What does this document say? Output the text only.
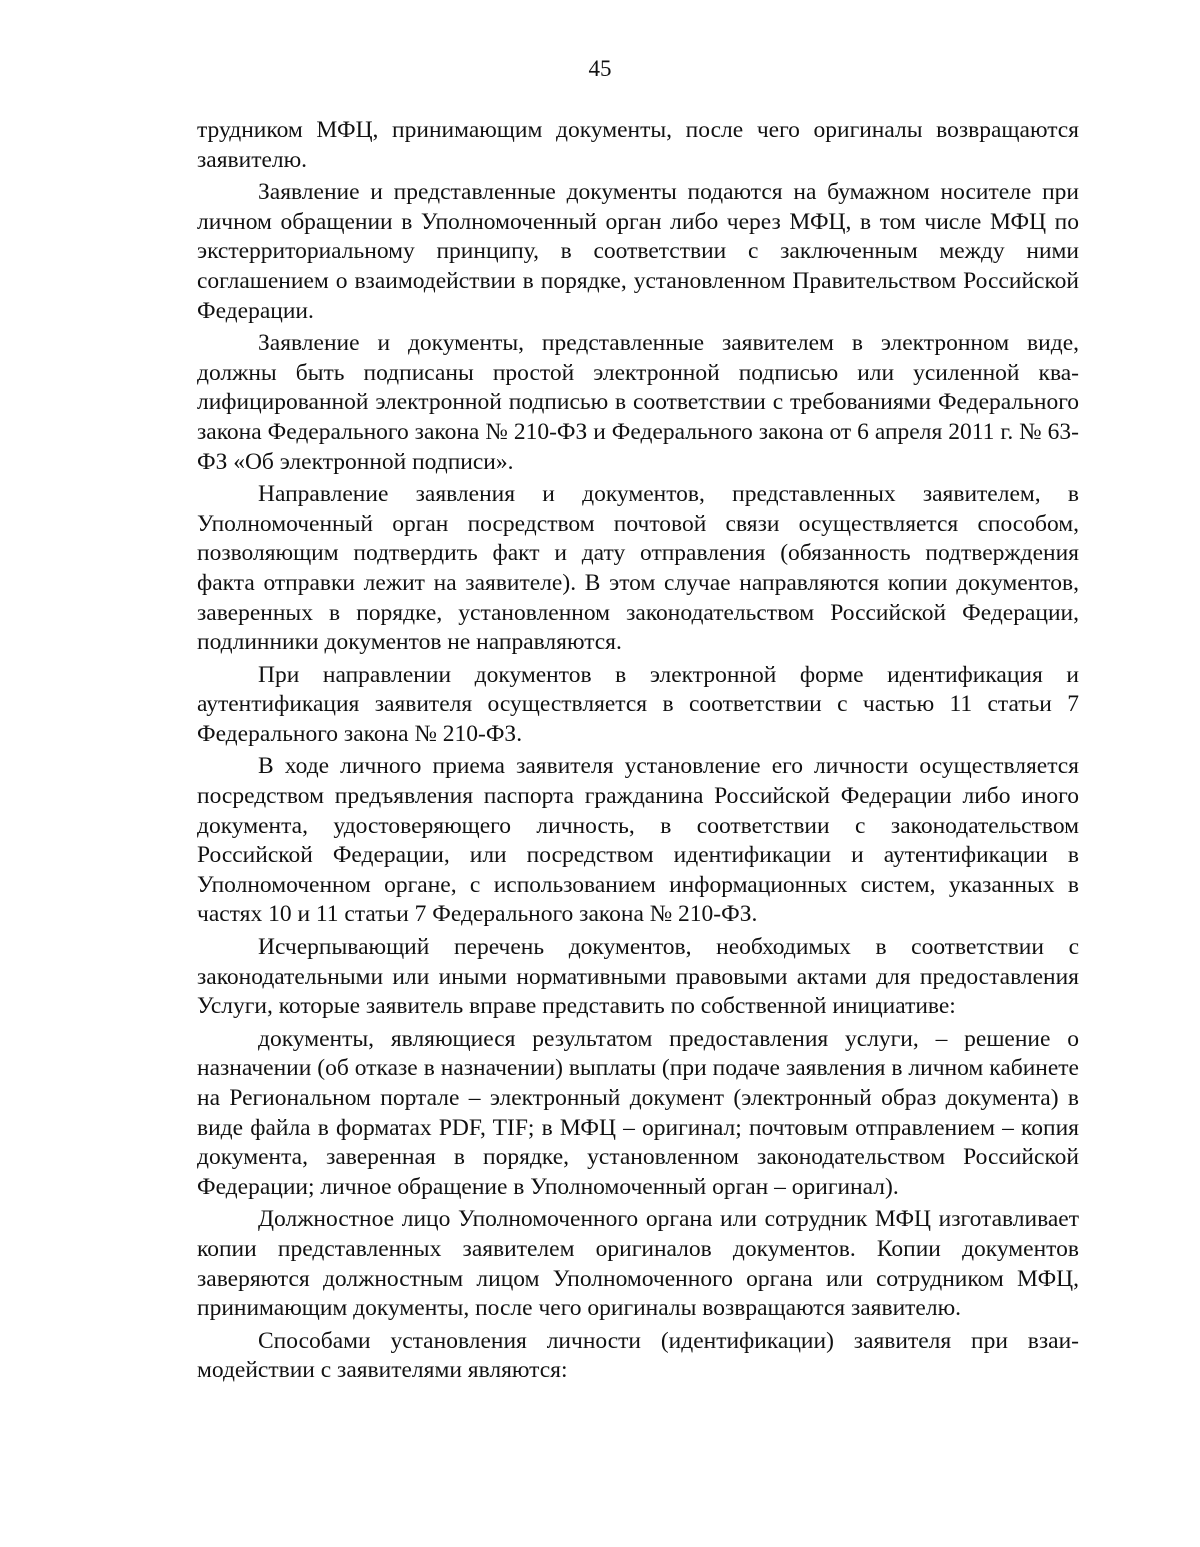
45

трудником МФЦ, принимающим документы, после чего оригиналы возвращаются заявителю.

Заявление и представленные документы подаются на бумажном носителе при личном обращении в Уполномоченный орган либо через МФЦ, в том числе МФЦ по экстерриториальному принципу, в соответствии с заключенным между ними соглашением о взаимодействии в порядке, установленном Правительством Российской Федерации.

Заявление и документы, представленные заявителем в электронном виде, должны быть подписаны простой электронной подписью или усиленной квалифицированной электронной подписью в соответствии с требованиями Федерального закона Федерального закона № 210-ФЗ и Федерального закона от 6 апреля 2011 г. № 63-ФЗ «Об электронной подписи».

Направление заявления и документов, представленных заявителем, в Уполномоченный орган посредством почтовой связи осуществляется способом, позволяющим подтвердить факт и дату отправления (обязанность подтверждения факта отправки лежит на заявителе). В этом случае направляются копии документов, заверенных в порядке, установленном законодательством Российской Федерации, подлинники документов не направляются.

При направлении документов в электронной форме идентификация и аутентификация заявителя осуществляется в соответствии с частью 11 статьи 7 Федерального закона № 210-ФЗ.

В ходе личного приема заявителя установление его личности осуществляется посредством предъявления паспорта гражданина Российской Федерации либо иного документа, удостоверяющего личность, в соответствии с законодательством Российской Федерации, или посредством идентификации и аутентификации в Уполномоченном органе, с использованием информационных систем, указанных в частях 10 и 11 статьи 7 Федерального закона № 210-ФЗ.

Исчерпывающий перечень документов, необходимых в соответствии с законодательными или иными нормативными правовыми актами для предоставления Услуги, которые заявитель вправе представить по собственной инициативе:

документы, являющиеся результатом предоставления услуги, – решение о назначении (об отказе в назначении) выплаты (при подаче заявления в личном кабинете на Региональном портале – электронный документ (электронный образ документа) в виде файла в форматах PDF, TIF; в МФЦ – оригинал; почтовым отправлением – копия документа, заверенная в порядке, установленном законодательством Российской Федерации; личное обращение в Уполномоченный орган – оригинал).

Должностное лицо Уполномоченного органа или сотрудник МФЦ изготавливает копии представленных заявителем оригиналов документов. Копии документов заверяются должностным лицом Уполномоченного органа или сотрудником МФЦ, принимающим документы, после чего оригиналы возвращаются заявителю.

Способами установления личности (идентификации) заявителя при взаимодействии с заявителями являются:
